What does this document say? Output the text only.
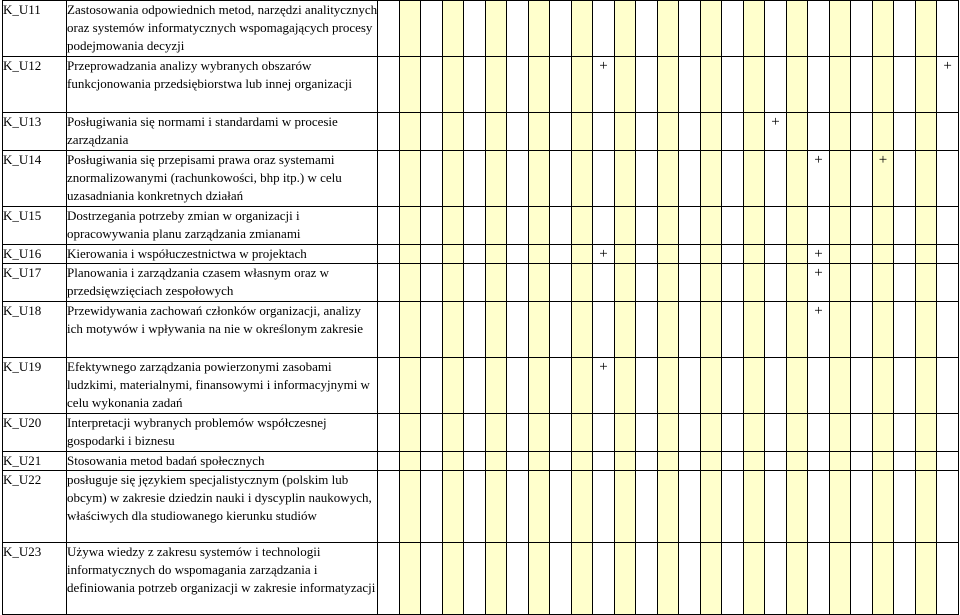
K_U11	Zastosowania odpowiednich metod, narzędzi analitycznych oraz systemów informatycznych wspomagających procesy podejmowania decyzji																											
K_U12	Przeprowadzania analizy wybranych obszarów funkcjonowania przedsiębiorstwa lub innej organizacji											+																+
K_U13	Posługiwania się normami i standardami w procesie zarządzania																			+								
K_U14	Posługiwania się przepisami prawa oraz systemami znormalizowanymi (rachunkowości, bhp itp.) w celu uzasadniania konkretnych działań																					+			+			
K_U15	Dostrzegania potrzeby zmian w organizacji i opracowywania planu zarządzania zmianami																											
K_U16	Kierowania i współuczestnictwa w projektach											+										+						
K_U17	Planowania i zarządzania czasem własnym oraz w przedsięwzięciach zespołowych																					+						
K_U18	Przewidywania zachowań członków organizacji, analizy ich motywów i wpływania na nie w określonym zakresie																					+						
K_U19	Efektywnego zarządzania powierzonymi zasobami ludzkimi, materialnymi, finansowymi i informacyjnymi w celu wykonania zadań											+																
K_U20	Interpretacji wybranych problemów współczesnej gospodarki i biznesu																											
K_U21	Stosowania metod badań społecznych																											
K_U22	posługuje się językiem specjalistycznym (polskim lub obcym) w zakresie dziedzin nauki i dyscyplin naukowych, właściwych dla studiowanego kierunku studiów																											
K_U23	Używa wiedzy z zakresu systemów i technologii informatycznych do wspomagania zarządzania i definiowania potrzeb organizacji w zakresie informatyzacji																											
